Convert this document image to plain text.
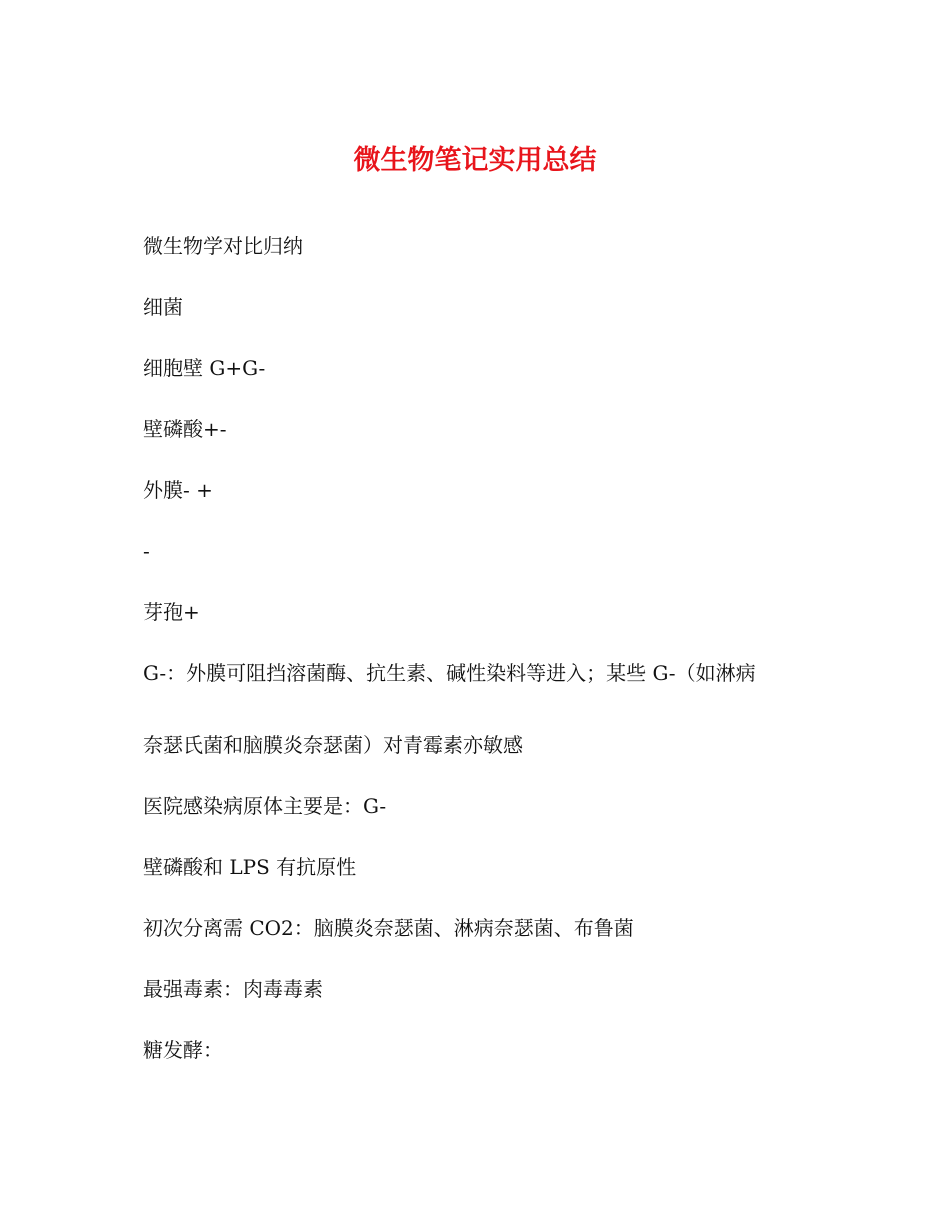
微生物笔记实用总结

微生物学对比归纳

细菌

细胞壁 G+G-

壁磷酸+-

外膜- +

-

芽孢+

G-：外膜可阻挡溶菌酶、抗生素、碱性染料等进入；某些 G-（如淋病
奈瑟氏菌和脑膜炎奈瑟菌）对青霉素亦敏感

医院感染病原体主要是：G-

壁磷酸和 LPS 有抗原性

初次分离需 CO2：脑膜炎奈瑟菌、淋病奈瑟菌、布鲁菌

最强毒素：肉毒毒素

糖发酵：
